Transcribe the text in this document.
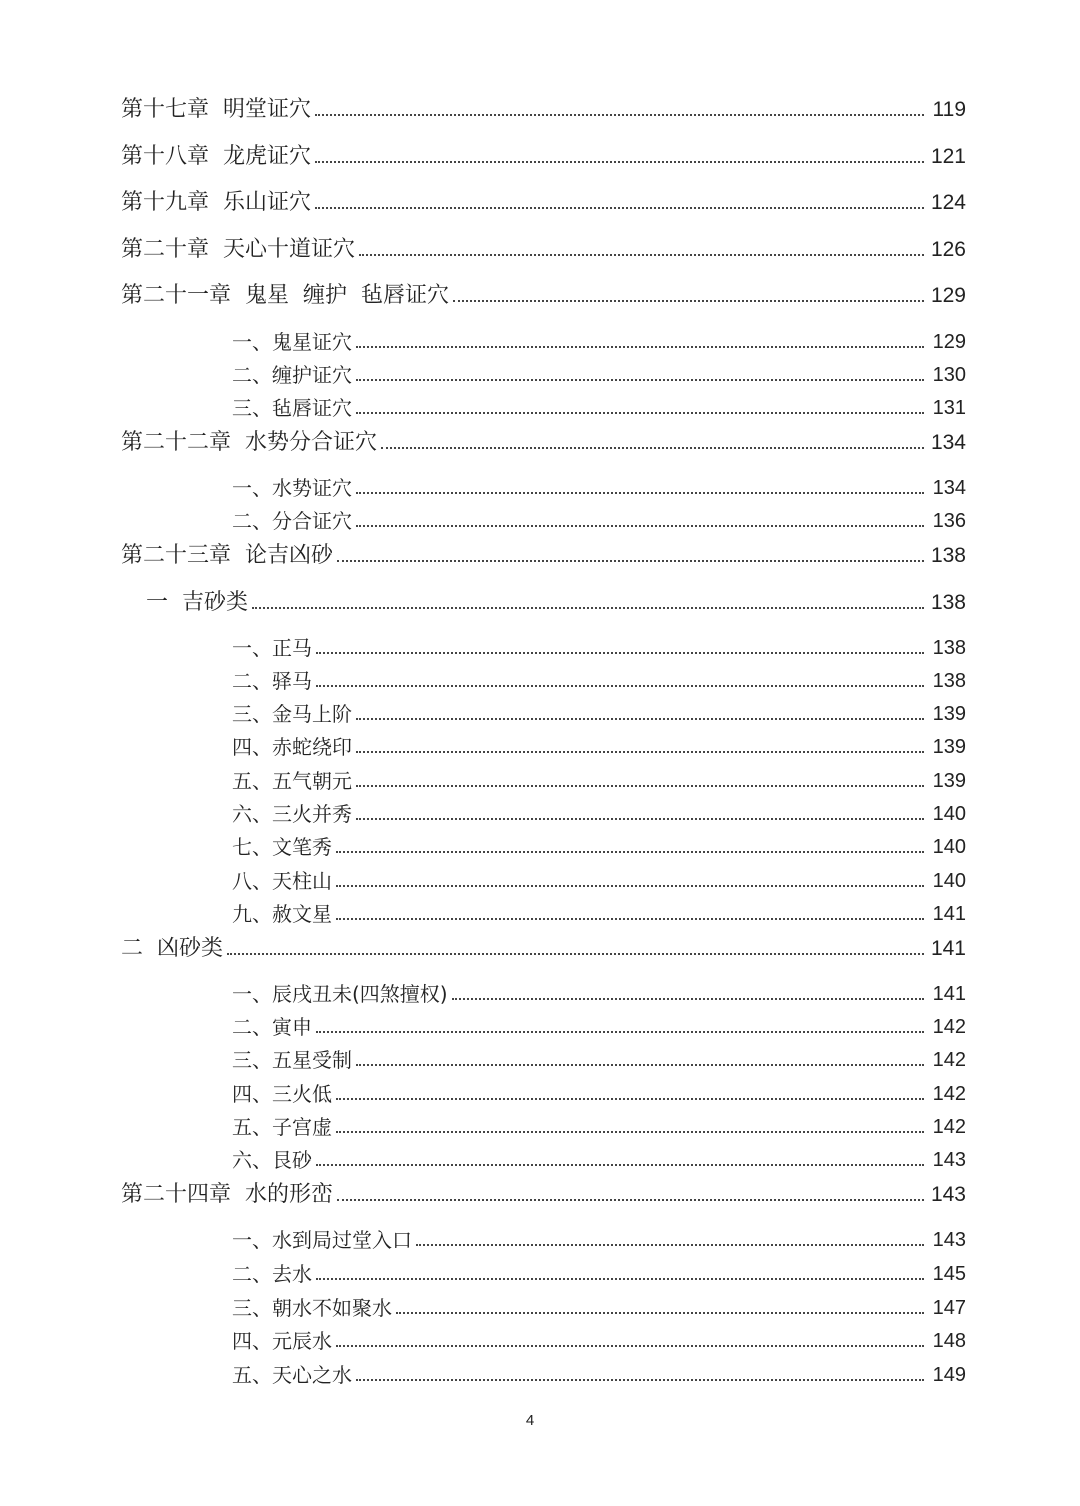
第十七章  明堂证穴	119
第十八章  龙虎证穴	121
第十九章  乐山证穴	124
第二十章  天心十道证穴	126
第二十一章  鬼星  缠护  毡唇证穴	129
一、鬼星证穴	129
二、缠护证穴	130
三、毡唇证穴	131
第二十二章  水势分合证穴	134
一、水势证穴	134
二、分合证穴	136
第二十三章  论吉凶砂	138
一  吉砂类	138
一、正马	138
二、驿马	138
三、金马上阶	139
四、赤蛇绕印	139
五、五气朝元	139
六、三火并秀	140
七、文笔秀	140
八、天柱山	140
九、赦文星	141
二  凶砂类	141
一、辰戌丑未(四煞擅权)	141
二、寅申	142
三、五星受制	142
四、三火低	142
五、子宫虚	142
六、艮砂	143
第二十四章  水的形峦	143
一、水到局过堂入口	143
二、去水	145
三、朝水不如聚水	147
四、元辰水	148
五、天心之水	149
4
